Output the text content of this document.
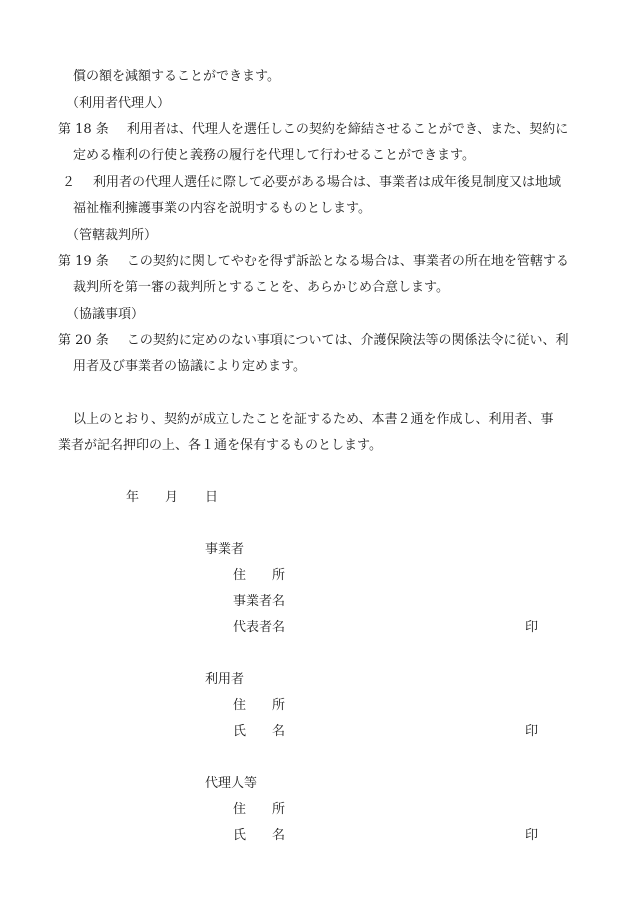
償の額を減額することができます。
（利用者代理人）
第 18 条 利用者は、代理人を選任しこの契約を締結させることができ、また、契約に
定める権利の行使と義務の履行を代理して行わせることができます。
２ 利用者の代理人選任に際して必要がある場合は、事業者は成年後見制度又は地域
福祉権利擁護事業の内容を説明するものとします。
（管轄裁判所）
第 19 条 この契約に関してやむを得ず訴訟となる場合は、事業者の所在地を管轄する
裁判所を第一審の裁判所とすることを、あらかじめ合意します。
（協議事項）
第 20 条 この契約に定めのない事項については、介護保険法等の関係法令に従い、利
用者及び事業者の協議により定めます。
以上のとおり、契約が成立したことを証するため、本書２通を作成し、利用者、事
業者が記名押印の上、各１通を保有するものとします。
年 月 日
事業者
住 所
事業者名
代表者名	印
利用者
住 所
氏 名	印
代理人等
住 所
氏 名	印
